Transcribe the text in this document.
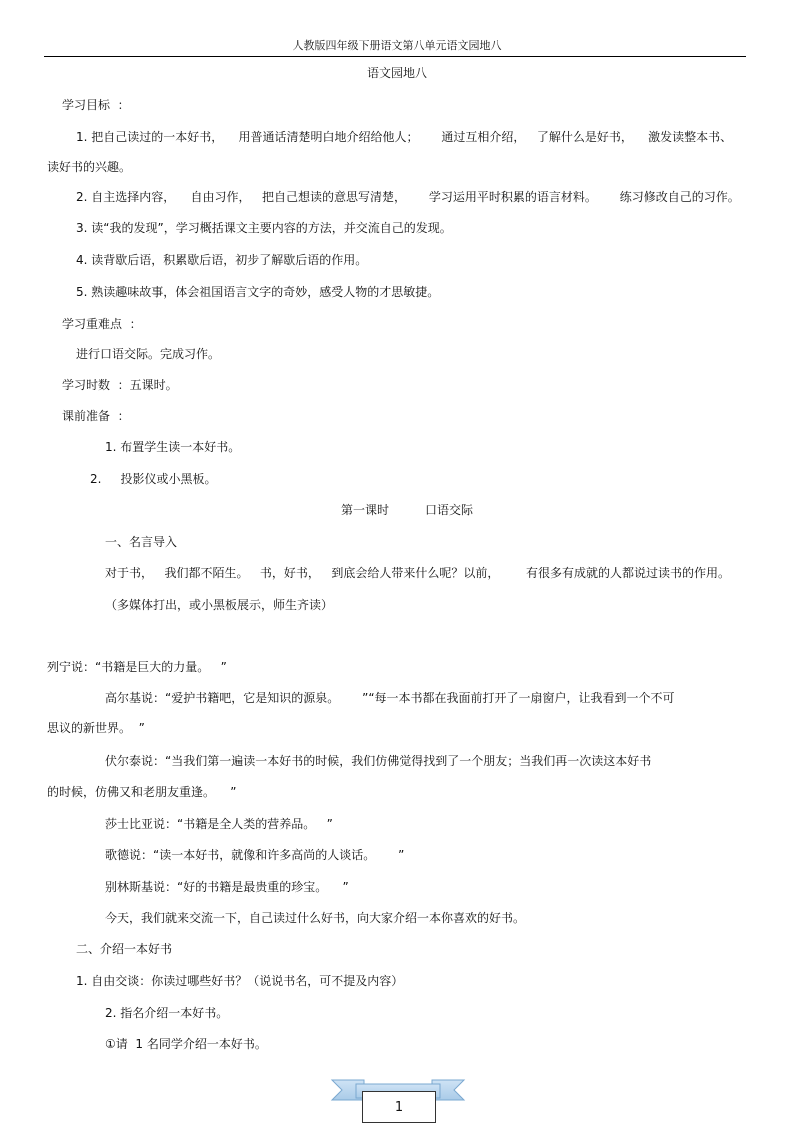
人教版四年级下册语文第八单元语文园地八
语文园地八
学习目标  ：
1. 把自己读过的一本好书，    用普通话清楚明白地介绍给他人；      通过互相介绍，   了解什么是好书，    激发读整本书、
读好书的兴趣。
2. 自主选择内容，    自由习作，   把自己想读的意思写清楚，      学习运用平时积累的语言材料。      练习修改自己的习作。
3. 读“我的发现”，学习概括课文主要内容的方法，并交流自己的发现。
4. 读背歇后语，积累歇后语，初步了解歇后语的作用。
5. 熟读趣味故事，体会祖国语言文字的奇妙，感受人物的才思敏捷。
学习重难点  ：
进行口语交际。完成习作。
学习时数  ：五课时。
课前准备  ：
1. 布置学生读一本好书。
2.     投影仪或小黑板。
第一课时	口语交际
一、名言导入
对于书，   我们都不陌生。   书，好书，   到底会给人带来什么呢？以前，       有很多有成就的人都说过读书的作用。
（多媒体打出，或小黑板展示，师生齐读）
列宁说：“书籍是巨大的力量。   ”
高尔基说：“爱护书籍吧，它是知识的源泉。      ”“每一本书都在我面前打开了一扇窗户，让我看到一个不可
思议的新世界。  ”
伏尔泰说：“当我们第一遍读一本好书的时候，我们仿佛觉得找到了一个朋友；当我们再一次读这本好书
的时候，仿佛又和老朋友重逢。    ”
莎士比亚说：“书籍是全人类的营养品。   ”
歌德说：“读一本好书，就像和许多高尚的人谈话。      ”
别林斯基说：“好的书籍是最贵重的珍宝。    ”
今天，我们就来交流一下，自己读过什么好书，向大家介绍一本你喜欢的好书。
二、介绍一本好书
1. 自由交谈：你读过哪些好书？（说说书名，可不提及内容）
2. 指名介绍一本好书。
①请  1 名同学介绍一本好书。
1
